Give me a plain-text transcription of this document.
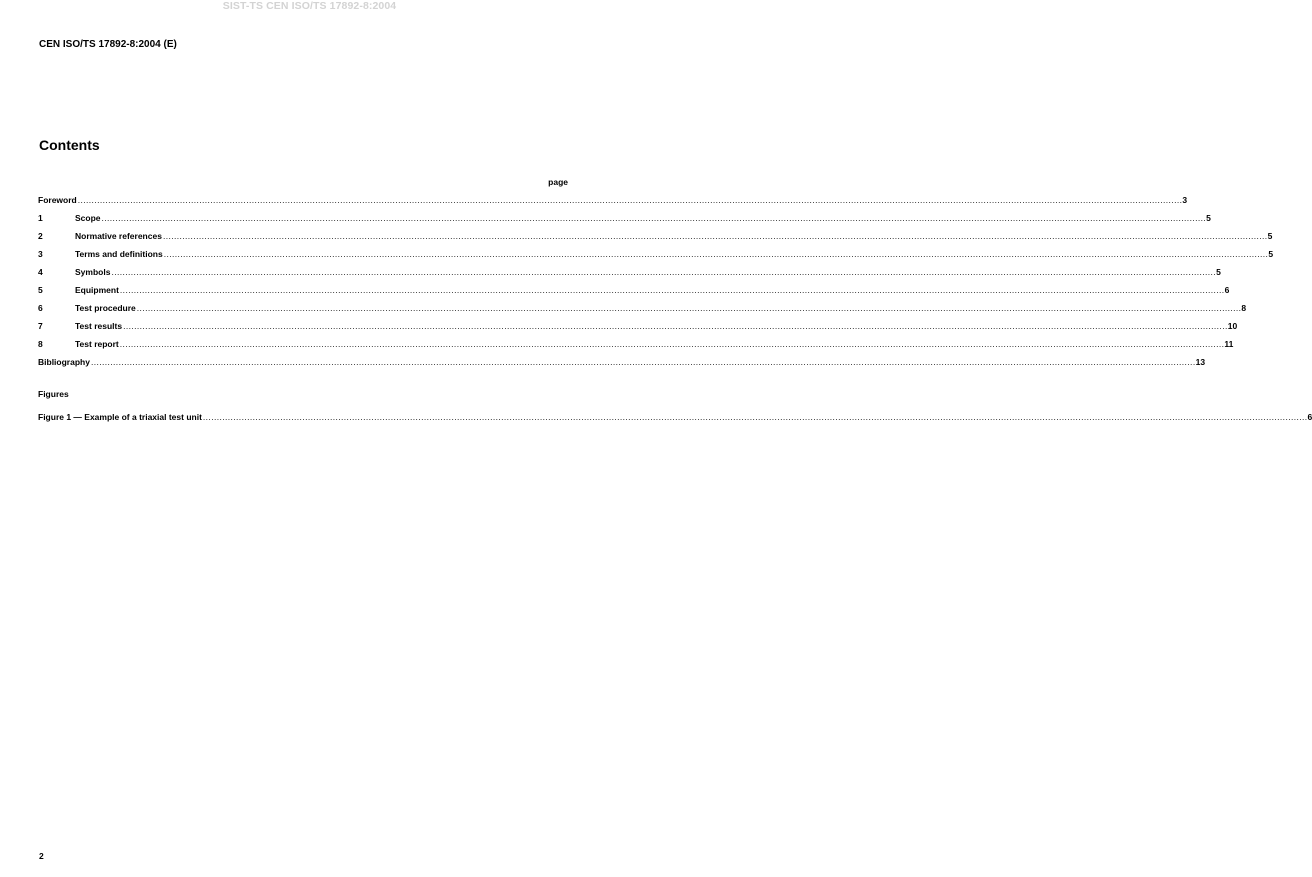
SIST-TS CEN ISO/TS 17892-8:2004
CEN ISO/TS 17892-8:2004 (E)
Contents
page
Foreword ................................................................................................................................................................................................................................................................................................................................................................................................................ 3
1	Scope ................................................................................................................................................................................................................................................................................................................................................................................................................ 5
2	Normative references ................................................................................................................................................................................................................................................................................................................................................................................................................ 5
3	Terms and definitions ................................................................................................................................................................................................................................................................................................................................................................................................................ 5
4	Symbols ................................................................................................................................................................................................................................................................................................................................................................................................................ 5
5	Equipment ................................................................................................................................................................................................................................................................................................................................................................................................................ 6
6	Test procedure ................................................................................................................................................................................................................................................................................................................................................................................................................ 8
7	Test results ................................................................................................................................................................................................................................................................................................................................................................................................................ 10
8	Test report ................................................................................................................................................................................................................................................................................................................................................................................................................ 11
Bibliography ................................................................................................................................................................................................................................................................................................................................................................................................................ 13
Figures
Figure 1 — Example of a triaxial test unit ................................................................................................................................................................................................................................................................................................................................................................................................................ 6
2
